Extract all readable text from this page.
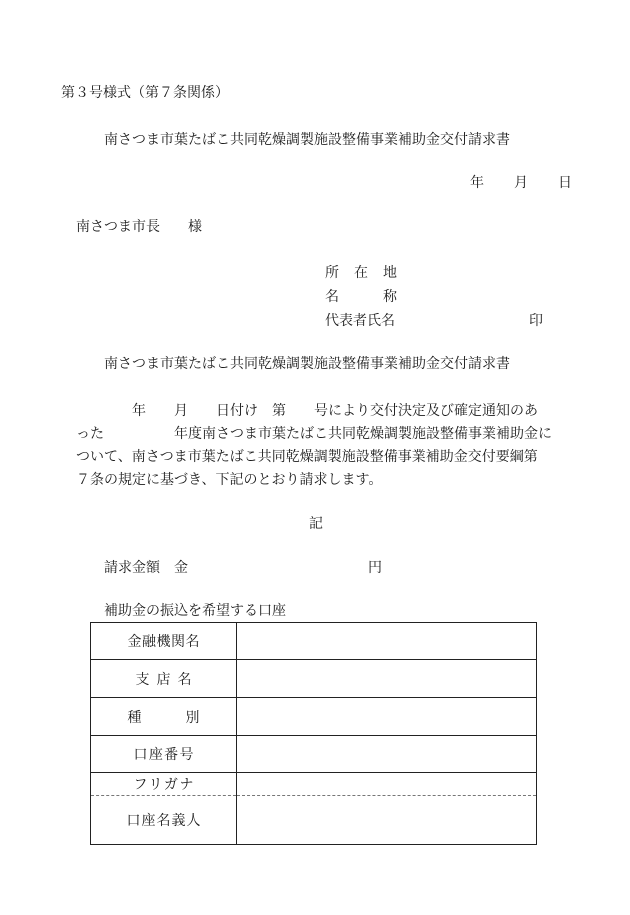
第３号様式（第７条関係）
南さつま市葉たばこ共同乾燥調製施設整備事業補助金交付請求書
年 月 日
南さつま市長　　様
所在地
名称
代表者氏名	印
南さつま市葉たばこ共同乾燥調製施設整備事業補助金交付請求書
年　　月　　日付け　第　　号により交付決定及び確定通知のあ
った　　　　　年度南さつま市葉たばこ共同乾燥調製施設整備事業補助金に
ついて、南さつま市葉たばこ共同乾燥調製施設整備事業補助金交付要綱第
７条の規定に基づき、下記のとおり請求します。
記
請求金額　金	円
補助金の振込を希望する口座
金融機関名	
支店名	
種別	
口座番号	
フリガナ	
口座名義人	
